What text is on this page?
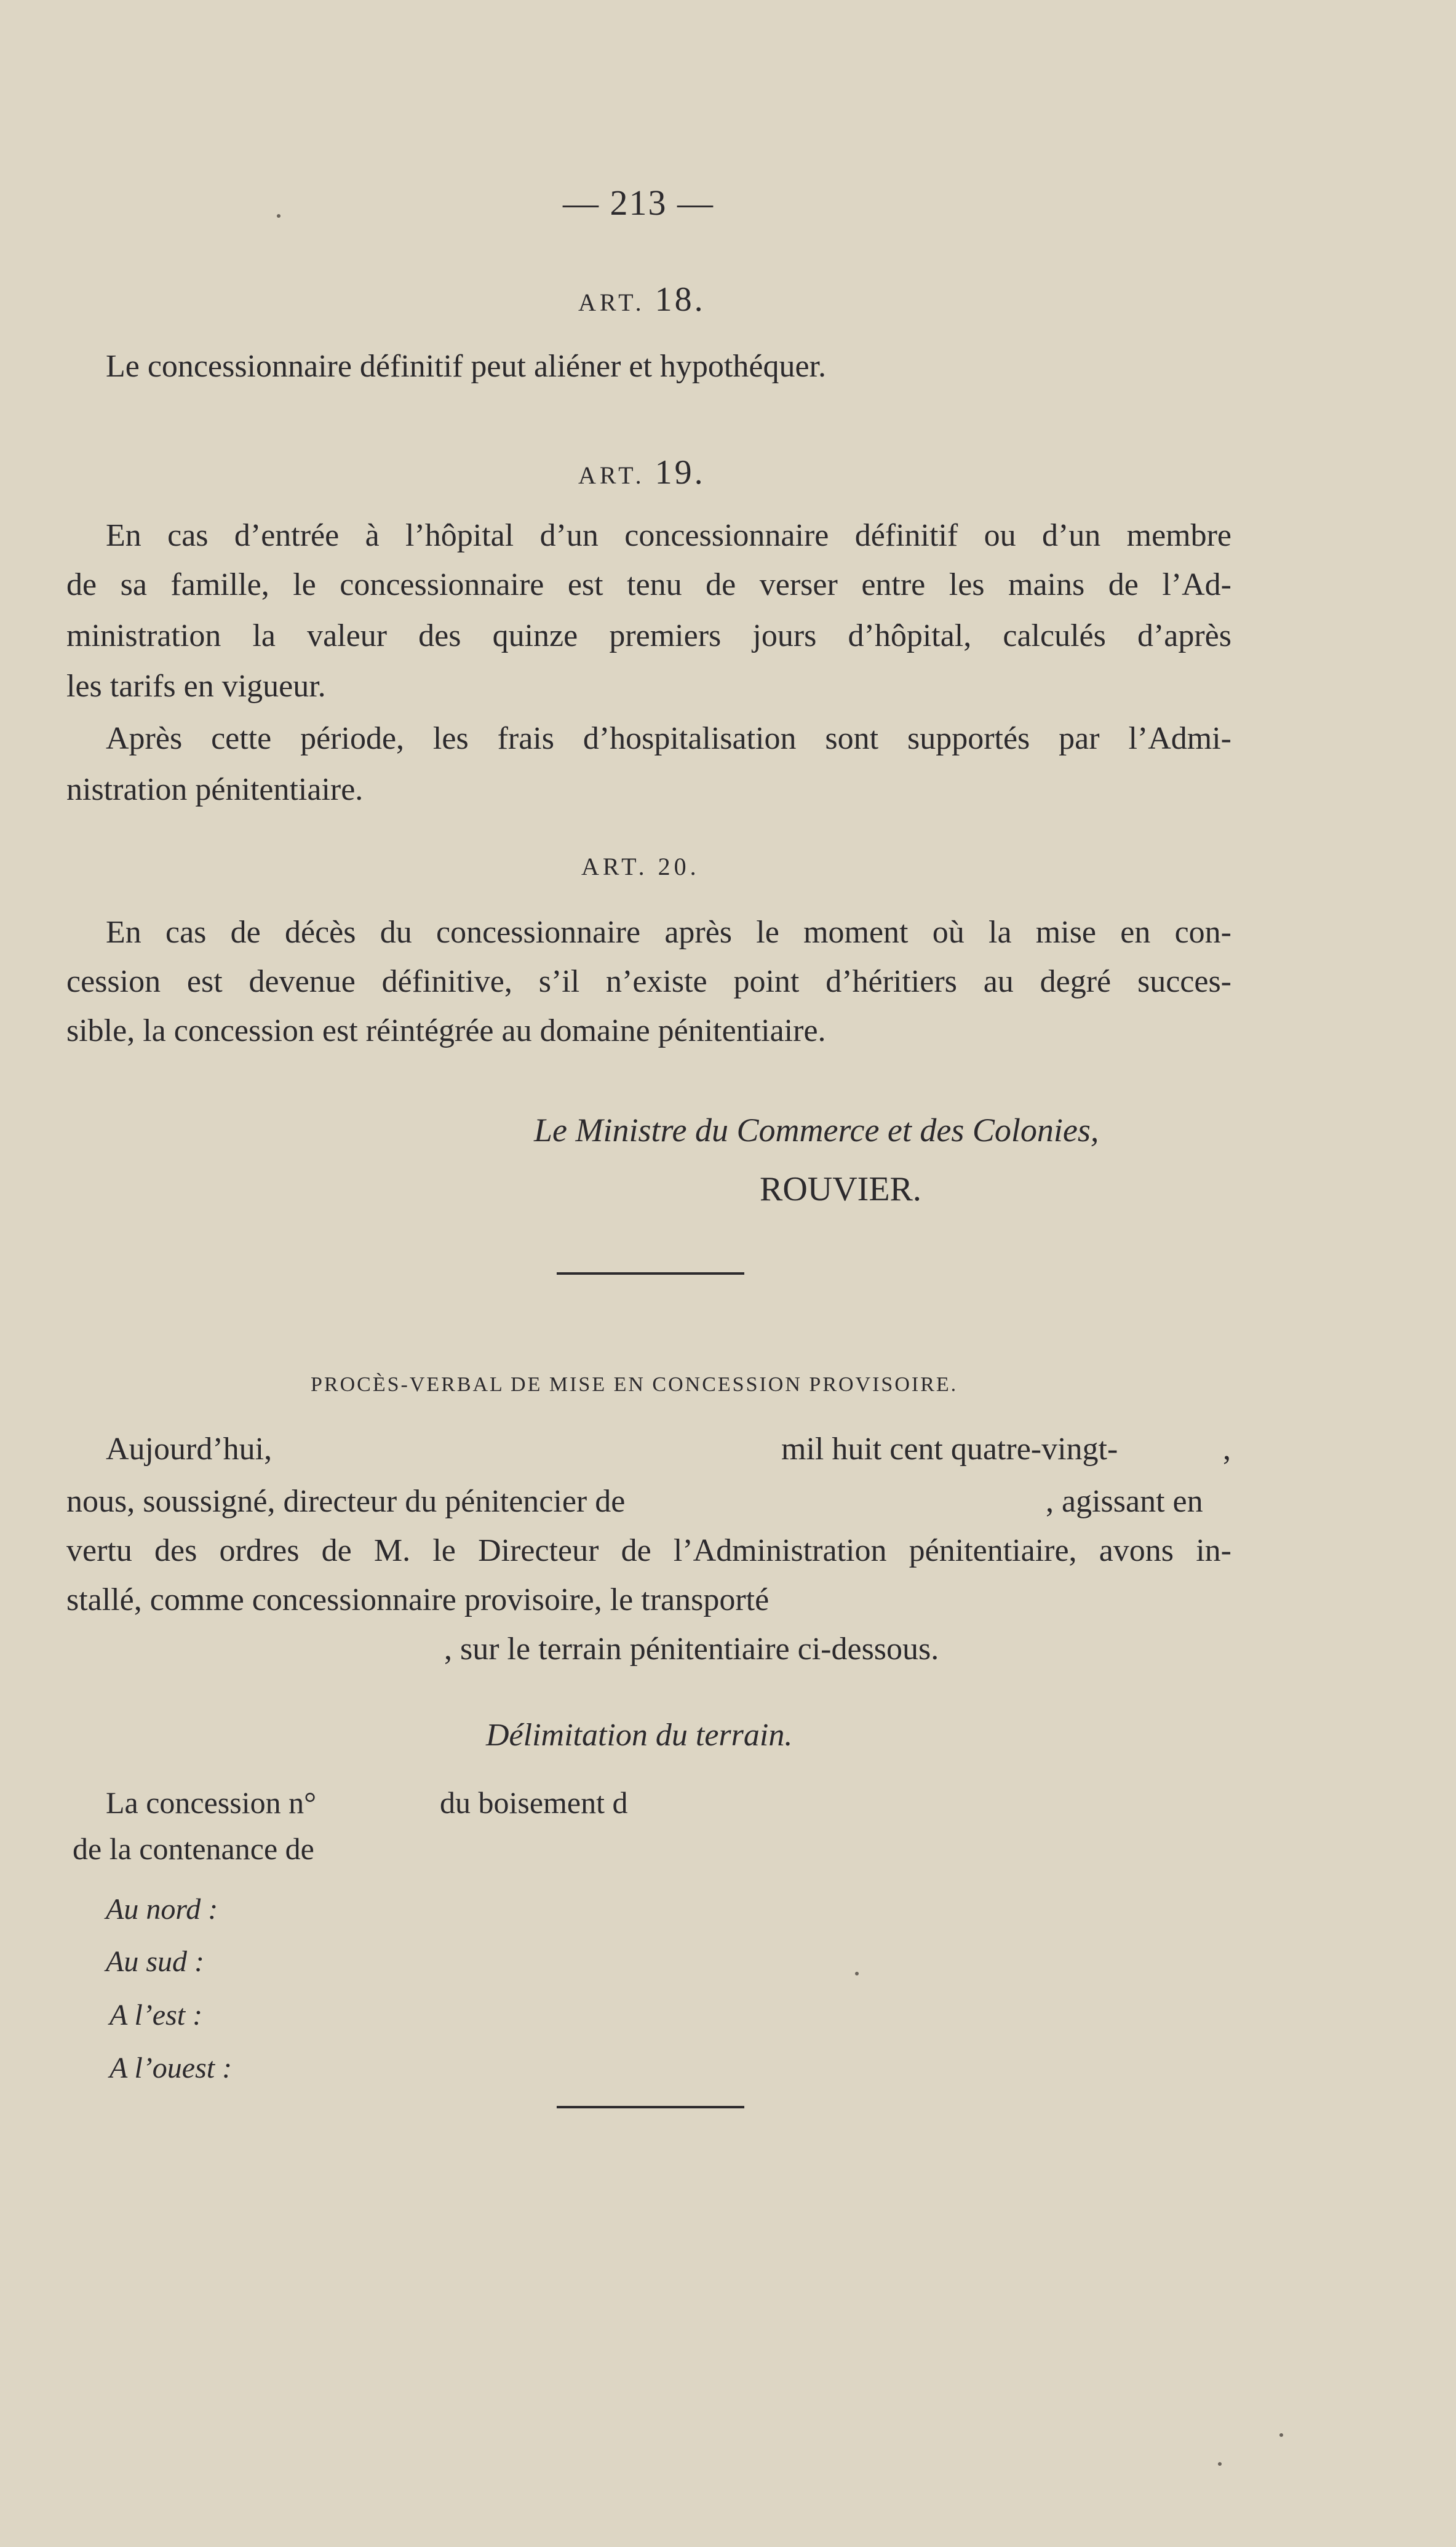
— 213 —
ART. 18.
Le concessionnaire définitif peut aliéner et hypothéquer.
ART. 19.
En cas d’entrée à l’hôpital d’un concessionnaire définitif ou d’un membre
de sa famille, le concessionnaire est tenu de verser entre les mains de l’Ad-
ministration la valeur des quinze premiers jours d’hôpital, calculés d’après
les tarifs en vigueur.
Après cette période, les frais d’hospitalisation sont supportés par l’Admi-
nistration pénitentiaire.
ART. 20.
En cas de décès du concessionnaire après le moment où la mise en con-
cession est devenue définitive, s’il n’existe point d’héritiers au degré succes-
sible, la concession est réintégrée au domaine pénitentiaire.
Le Ministre du Commerce et des Colonies,
ROUVIER.
PROCÈS-VERBAL DE MISE EN CONCESSION PROVISOIRE.
Aujourd’hui,	mil huit cent quatre-vingt-	,
nous, soussigné, directeur du pénitencier de	, agissant en
vertu des ordres de M. le Directeur de l’Administration pénitentiaire, avons in-
stallé, comme concessionnaire provisoire, le transporté
, sur le terrain pénitentiaire ci-dessous.
Délimitation du terrain.
La concession n°	du boisement d
de la contenance de
Au nord :
Au sud :
A l’est :
A l’ouest :
